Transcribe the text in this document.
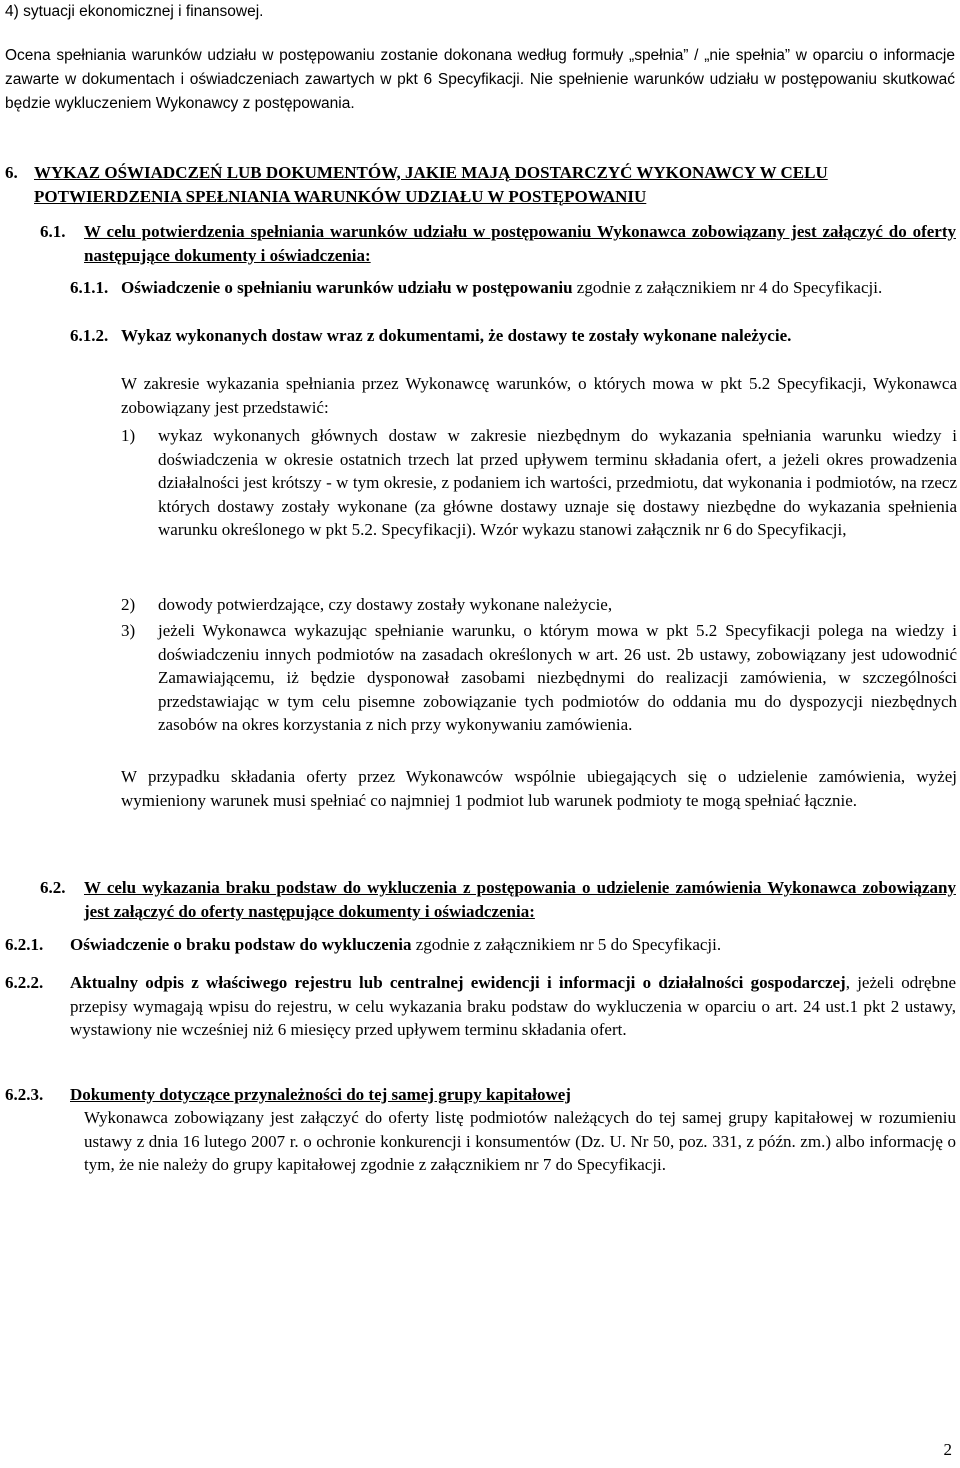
4) sytuacji ekonomicznej i finansowej.
Ocena spełniania warunków udziału w postępowaniu zostanie dokonana według formuły „spełnia” / „nie spełnia” w oparciu o informacje zawarte w dokumentach i oświadczeniach zawartych w pkt 6 Specyfikacji. Nie spełnienie warunków udziału w postępowaniu skutkować będzie wykluczeniem Wykonawcy z postępowania.
6. WYKAZ OŚWIADCZEŃ LUB DOKUMENTÓW, JAKIE MAJĄ DOSTARCZYĆ WYKONAWCY W CELU POTWIERDZENIA SPEŁNIANIA WARUNKÓW UDZIAŁU W POSTĘPOWANIU
6.1. W celu potwierdzenia spełniania warunków udziału w postępowaniu Wykonawca zobowiązany jest załączyć do oferty następujące dokumenty i oświadczenia:
6.1.1. Oświadczenie o spełnianiu warunków udziału w postępowaniu zgodnie z załącznikiem nr 4 do Specyfikacji.
6.1.2. Wykaz wykonanych dostaw wraz z dokumentami, że dostawy te zostały wykonane należycie.
W zakresie wykazania spełniania przez Wykonawcę warunków, o których mowa w pkt 5.2 Specyfikacji, Wykonawca zobowiązany jest przedstawić:
1) wykaz wykonanych głównych dostaw w zakresie niezbędnym do wykazania spełniania warunku wiedzy i doświadczenia w okresie ostatnich trzech lat przed upływem terminu składania ofert, a jeżeli okres prowadzenia działalności jest krótszy - w tym okresie, z podaniem ich wartości, przedmiotu, dat wykonania i podmiotów, na rzecz których dostawy zostały wykonane (za główne dostawy uznaje się dostawy niezbędne do wykazania spełnienia warunku określonego w pkt 5.2. Specyfikacji). Wzór wykazu stanowi załącznik nr 6 do Specyfikacji,
2) dowody potwierdzające, czy dostawy zostały wykonane należycie,
3) jeżeli Wykonawca wykazując spełnianie warunku, o którym mowa w pkt 5.2 Specyfikacji polega na wiedzy i doświadczeniu innych podmiotów na zasadach określonych w art. 26 ust. 2b ustawy, zobowiązany jest udowodnić Zamawiającemu, iż będzie dysponował zasobami niezbędnymi do realizacji zamówienia, w szczególności przedstawiając w tym celu pisemne zobowiązanie tych podmiotów do oddania mu do dyspozycji niezbędnych zasobów na okres korzystania z nich przy wykonywaniu zamówienia.
W przypadku składania oferty przez Wykonawców wspólnie ubiegających się o udzielenie zamówienia, wyżej wymieniony warunek musi spełniać co najmniej 1 podmiot lub warunek podmioty te mogą spełniać łącznie.
6.2. W celu wykazania braku podstaw do wykluczenia z postępowania o udzielenie zamówienia Wykonawca zobowiązany jest załączyć do oferty następujące dokumenty i oświadczenia:
6.2.1. Oświadczenie o braku podstaw do wykluczenia zgodnie z załącznikiem nr 5 do Specyfikacji.
6.2.2. Aktualny odpis z właściwego rejestru lub centralnej ewidencji i informacji o działalności gospodarczej, jeżeli odrębne przepisy wymagają wpisu do rejestru, w celu wykazania braku podstaw do wykluczenia w oparciu o art. 24 ust.1 pkt 2 ustawy, wystawiony nie wcześniej niż 6 miesięcy przed upływem terminu składania ofert.
6.2.3. Dokumenty dotyczące przynależności do tej samej grupy kapitałowej
Wykonawca zobowiązany jest załączyć do oferty listę podmiotów należących do tej samej grupy kapitałowej w rozumieniu ustawy z dnia 16 lutego 2007 r. o ochronie konkurencji i konsumentów (Dz. U. Nr 50, poz. 331, z późn. zm.) albo informację o tym, że nie należy do grupy kapitałowej zgodnie z załącznikiem nr 7 do Specyfikacji.
2
